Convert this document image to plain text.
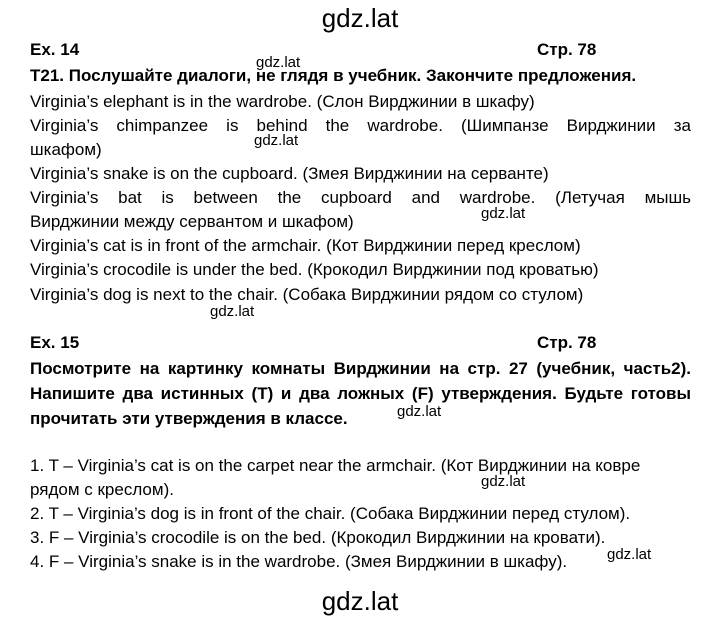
gdz.lat
Ex. 14	Стр. 78
T21. Послушайте диалоги, не глядя в учебник. Закончите предложения.
Virginia’s elephant is in the wardrobe. (Слон Вирджинии в шкафу)
Virginia’s chimpanzee is behind the wardrobe. (Шимпанзе Вирджинии за
шкафом)
Virginia’s snake is on the cupboard. (Змея Вирджинии на серванте)
Virginia’s bat is between the cupboard and wardrobe. (Летучая мышь
Вирджинии между сервантом и шкафом)
Virginia’s cat is in front of the armchair. (Кот Вирджинии перед креслом)
Virginia’s crocodile is under the bed. (Крокодил Вирджинии под кроватью)
Virginia’s dog is next to the chair. (Собака Вирджинии рядом со стулом)
Ex. 15	Стр. 78
Посмотрите на картинку комнаты Вирджинии на стр. 27 (учебник, часть2).
Напишите два истинных (T) и два ложных (F) утверждения. Будьте готовы
прочитать эти утверждения в классе.
1. T – Virginia’s cat is on the carpet near the armchair. (Кот Вирджинии на ковре
рядом с креслом).
2. T – Virginia’s dog is in front of the chair. (Собака Вирджинии перед стулом).
3. F – Virginia’s crocodile is on the bed. (Крокодил Вирджинии на кровати).
4. F – Virginia’s snake is in the wardrobe. (Змея Вирджинии в шкафу).
gdz.lat
gdz.lat
gdz.lat
gdz.lat
gdz.lat
gdz.lat
gdz.lat
gdz.lat
